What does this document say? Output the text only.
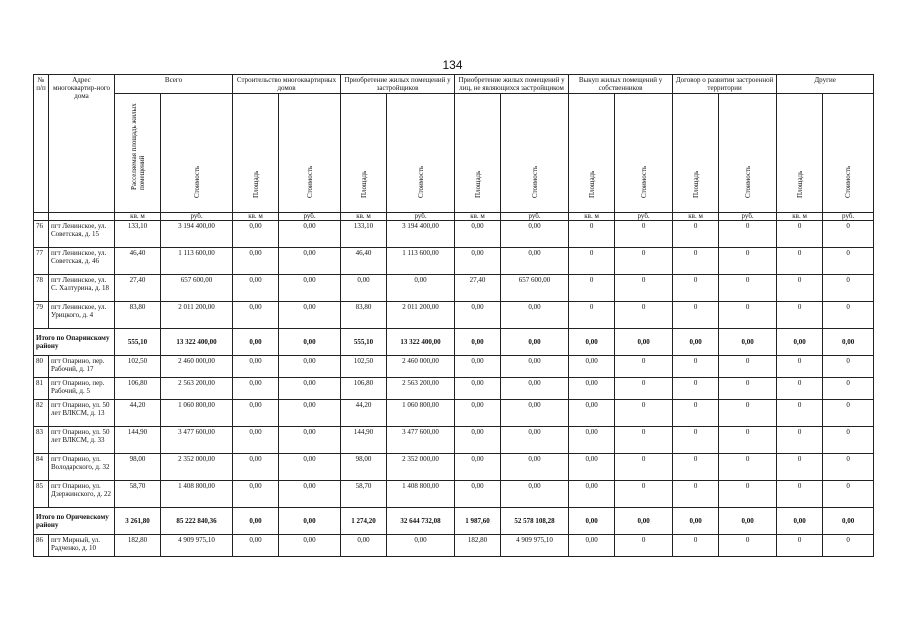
134
№ п/п	Адрес многоквартир-ного дома	Всего		Строительство многоквартирных домов		Приобретение жилых помещений у застройщиков		Приобретение жилых помещений у лиц, не являющихся застройщиком		Выкуп жилых помещений у собственников		Договор о развитии застроенной территории		Другие	

		Расселяемая площадь жилых помещений	Стоимость	Площадь	Стоимость	Площадь	Стоимость	Площадь	Стоимость	Площадь	Стоимость	Площадь	Стоимость	Площадь	Стоимость

		кв. м	руб.	кв. м	руб.	кв. м	руб.	кв. м	руб.	кв. м	руб.	кв. м	руб.	кв. м	руб.
76	пгт Ленинское, ул. Советская, д. 15	133,10	3 194 400,00	0,00	0,00	133,10	3 194 400,00	0,00	0,00	0	0	0	0	0	0
77	пгт Ленинское, ул. Советская, д. 46	46,40	1 113 600,00	0,00	0,00	46,40	1 113 600,00	0,00	0,00	0	0	0	0	0	0
78	пгт Ленинское, ул. С. Халтурина, д. 18	27,40	657 600,00	0,00	0,00	0,00	0,00	27,40	657 600,00	0	0	0	0	0	0
79	пгт Ленинское, ул. Урицкого, д. 4	83,80	2 011 200,00	0,00	0,00	83,80	2 011 200,00	0,00	0,00	0	0	0	0	0	0
Итого по Опаринскому району		555,10	13 322 400,00	0,00	0,00	555,10	13 322 400,00	0,00	0,00	0,00	0,00	0,00	0,00	0,00	0,00
80	пгт Опарино, пер. Рабочий, д. 17	102,50	2 460 000,00	0,00	0,00	102,50	2 460 000,00	0,00	0,00	0,00	0	0	0	0	0
81	пгт Опарино, пер. Рабочий, д. 5	106,80	2 563 200,00	0,00	0,00	106,80	2 563 200,00	0,00	0,00	0,00	0	0	0	0	0
82	пгт Опарино, ул. 50 лет ВЛКСМ, д. 13	44,20	1 060 800,00	0,00	0,00	44,20	1 060 800,00	0,00	0,00	0,00	0	0	0	0	0
83	пгт Опарино, ул. 50 лет ВЛКСМ, д. 33	144,90	3 477 600,00	0,00	0,00	144,90	3 477 600,00	0,00	0,00	0,00	0	0	0	0	0
84	пгт Опарино, ул. Володарского, д. 32	98,00	2 352 000,00	0,00	0,00	98,00	2 352 000,00	0,00	0,00	0,00	0	0	0	0	0
85	пгт Опарино, ул. Дзержинского, д. 22	58,70	1 408 800,00	0,00	0,00	58,70	1 408 800,00	0,00	0,00	0,00	0	0	0	0	0
Итого по Оричевскому району		3 261,80	85 222 840,36	0,00	0,00	1 274,20	32 644 732,08	1 987,60	52 578 108,28	0,00	0,00	0,00	0,00	0,00	0,00
86	пгт Мирный, ул. Радченко, д. 10	182,80	4 909 975,10	0,00	0,00	0,00	0,00	182,80	4 909 975,10	0,00	0	0	0	0	0
